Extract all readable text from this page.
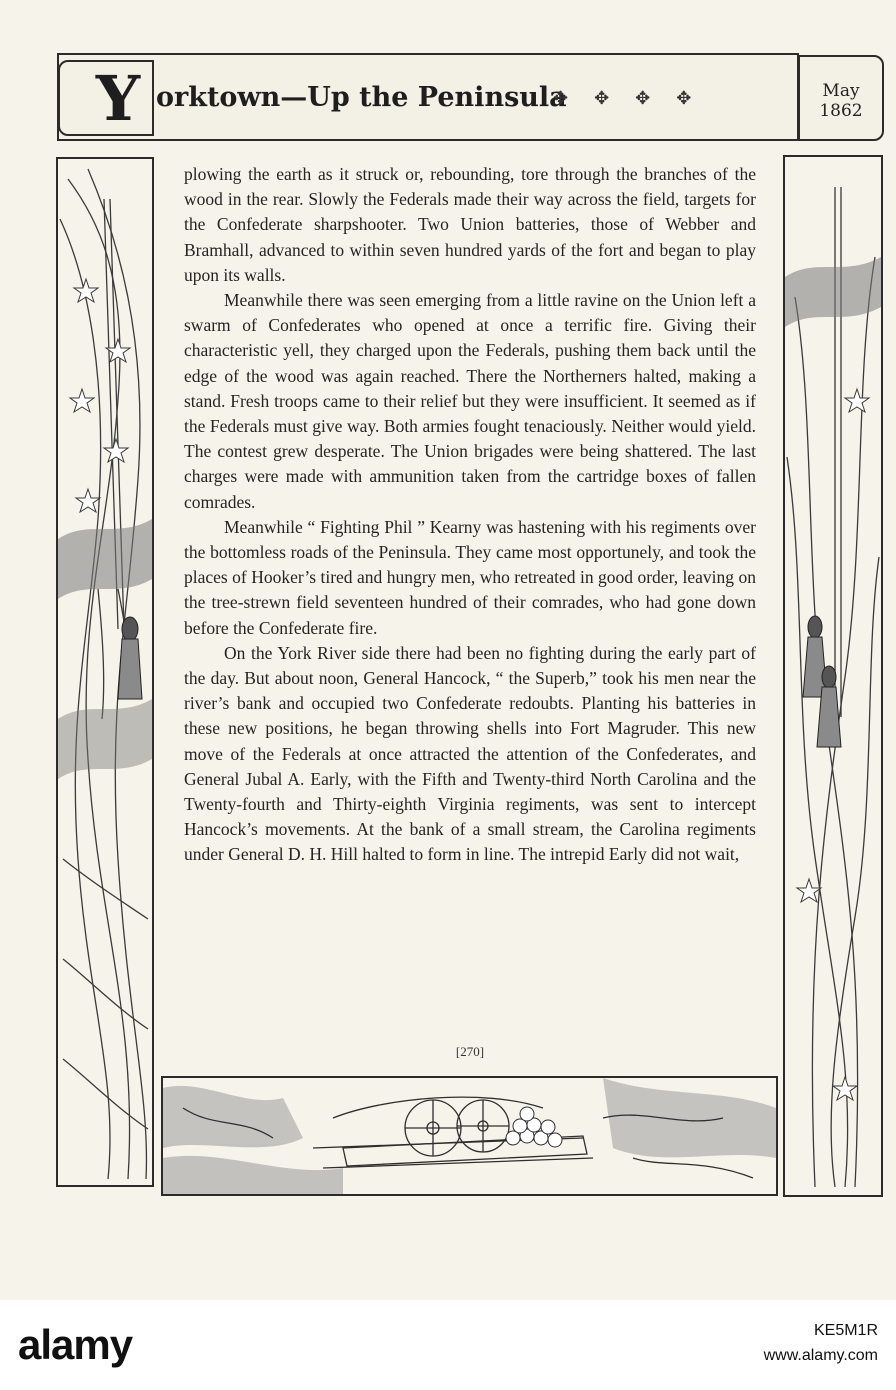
Y orktown—Up the Peninsula
✥✥✥✥	May
1862

plowing the earth as it struck or, rebounding, tore through the branches of the wood in the rear. Slowly the Federals made their way across the field, targets for the Confederate sharpshooter. Two Union batteries, those of Webber and Bramhall, advanced to within seven hundred yards of the fort and began to play upon its walls.

Meanwhile there was seen emerging from a little ravine on the Union left a swarm of Confederates who opened at once a terrific fire. Giving their characteristic yell, they charged upon the Federals, pushing them back until the edge of the wood was again reached. There the Northerners halted, making a stand. Fresh troops came to their relief but they were insufficient. It seemed as if the Federals must give way. Both armies fought tenaciously. Neither would yield. The contest grew desperate. The Union brigades were being shattered. The last charges were made with ammunition taken from the cartridge boxes of fallen comrades.

Meanwhile “ Fighting Phil ” Kearny was hastening with his regiments over the bottomless roads of the Peninsula. They came most opportunely, and took the places of Hooker’s tired and hungry men, who retreated in good order, leaving on the tree-strewn field seventeen hundred of their comrades, who had gone down before the Confederate fire.

On the York River side there had been no fighting during the early part of the day. But about noon, General Hancock, “ the Superb,” took his men near the river’s bank and occupied two Confederate redoubts. Planting his batteries in these new positions, he began throwing shells into Fort Magruder. This new move of the Federals at once attracted the attention of the Confederates, and General Jubal A. Early, with the Fifth and Twenty-third North Carolina and the Twenty-fourth and Thirty-eighth Virginia regiments, was sent to intercept Hancock’s movements. At the bank of a small stream, the Carolina regiments under General D. H. Hill halted to form in line. The intrepid Early did not wait,

[270]
alamy	KE5M1R
www.alamy.com
